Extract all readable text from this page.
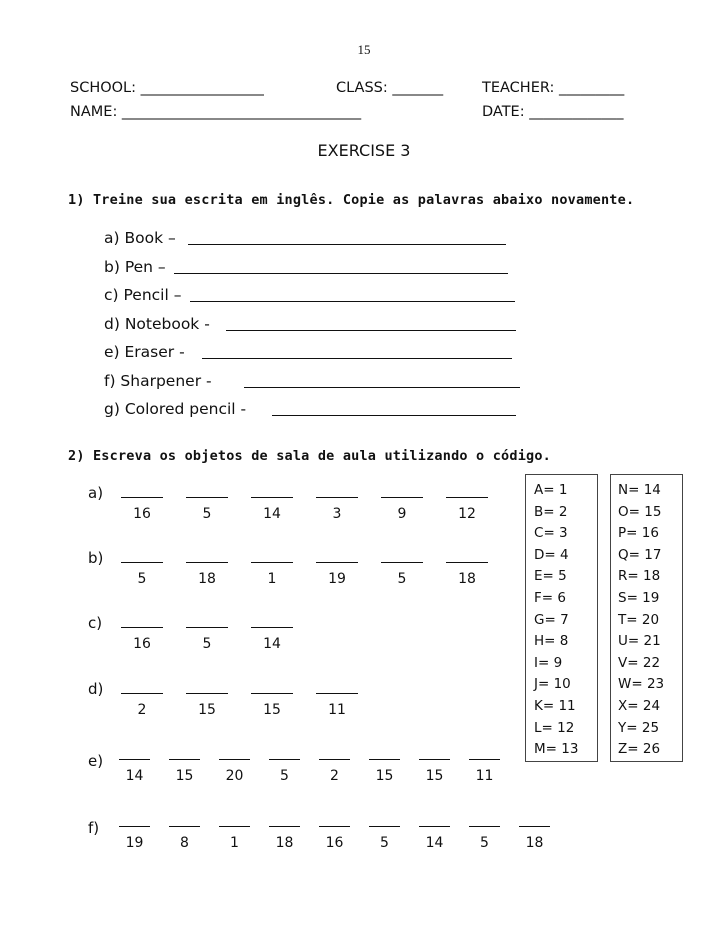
15
SCHOOL: _________________	CLASS: _______	TEACHER: _________
NAME: _________________________________	DATE: _____________
EXERCISE 3
1) Treine sua escrita em inglês. Copie as palavras abaixo novamente.
a) Book –
b) Pen –
c) Pencil –
d) Notebook -
e) Eraser -
f) Sharpener -
g) Colored pencil -
2) Escreva os objetos de sala de aula utilizando o código.
a)
16	5	14	3	9	12
b)
5	18	1	19	5	18
c)
16	5	14
d)
2	15	15	11
e)
14	15	20	5	2	15	15	11
f)
19	8	1	18	16	5	14	5	18
A= 1
B= 2
C= 3
D= 4
E= 5
F= 6
G= 7
H= 8
I= 9
J= 10
K= 11
L= 12
M= 13
N= 14
O= 15
P= 16
Q= 17
R= 18
S= 19
T= 20
U= 21
V= 22
W= 23
X= 24
Y= 25
Z= 26
